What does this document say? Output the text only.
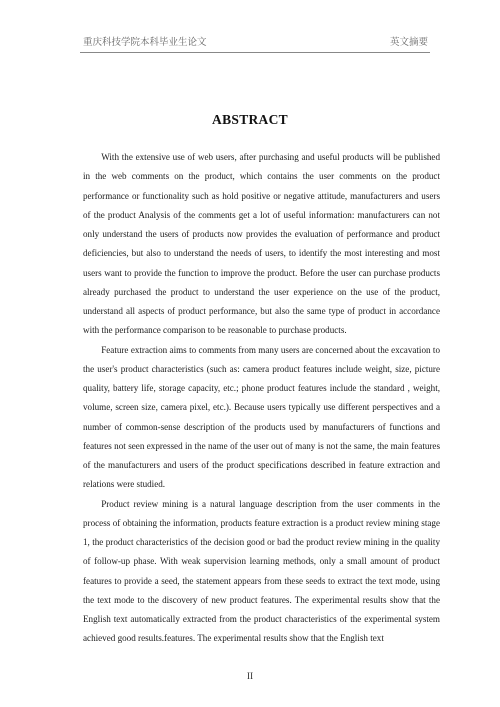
重庆科技学院本科毕业生论文	英文摘要
ABSTRACT

With the extensive use of web users, after purchasing and useful products will be published in the web comments on the product, which contains the user comments on the product performance or functionality such as hold positive or negative attitude, manufacturers and users of the product Analysis of the comments get a lot of useful information: manufacturers can not only understand the users of products now provides the evaluation of performance and product deficiencies, but also to understand the needs of users, to identify the most interesting and most users want to provide the function to improve the product. Before the user can purchase products already purchased the product to understand the user experience on the use of the product, understand all aspects of product performance, but also the same type of product in accordance with the performance comparison to be reasonable to purchase products.

Feature extraction aims to comments from many users are concerned about the excavation to the user's product characteristics (such as: camera product features include weight, size, picture quality, battery life, storage capacity, etc.; phone product features include the standard , weight, volume, screen size, camera pixel, etc.). Because users typically use different perspectives and a number of common-sense description of the products used by manufacturers of functions and features not seen expressed in the name of the user out of many is not the same, the main features of the manufacturers and users of the product specifications described in feature extraction and relations were studied.

Product review mining is a natural language description from the user comments in the process of obtaining the information, products feature extraction is a product review mining stage 1, the product characteristics of the decision good or bad the product review mining in the quality of follow-up phase. With weak supervision learning methods, only a small amount of product features to provide a seed, the statement appears from these seeds to extract the text mode, using the text mode to the discovery of new product features. The experimental results show that the English text automatically extracted from the product characteristics of the experimental system achieved good results.features. The experimental results show that the English text

II
